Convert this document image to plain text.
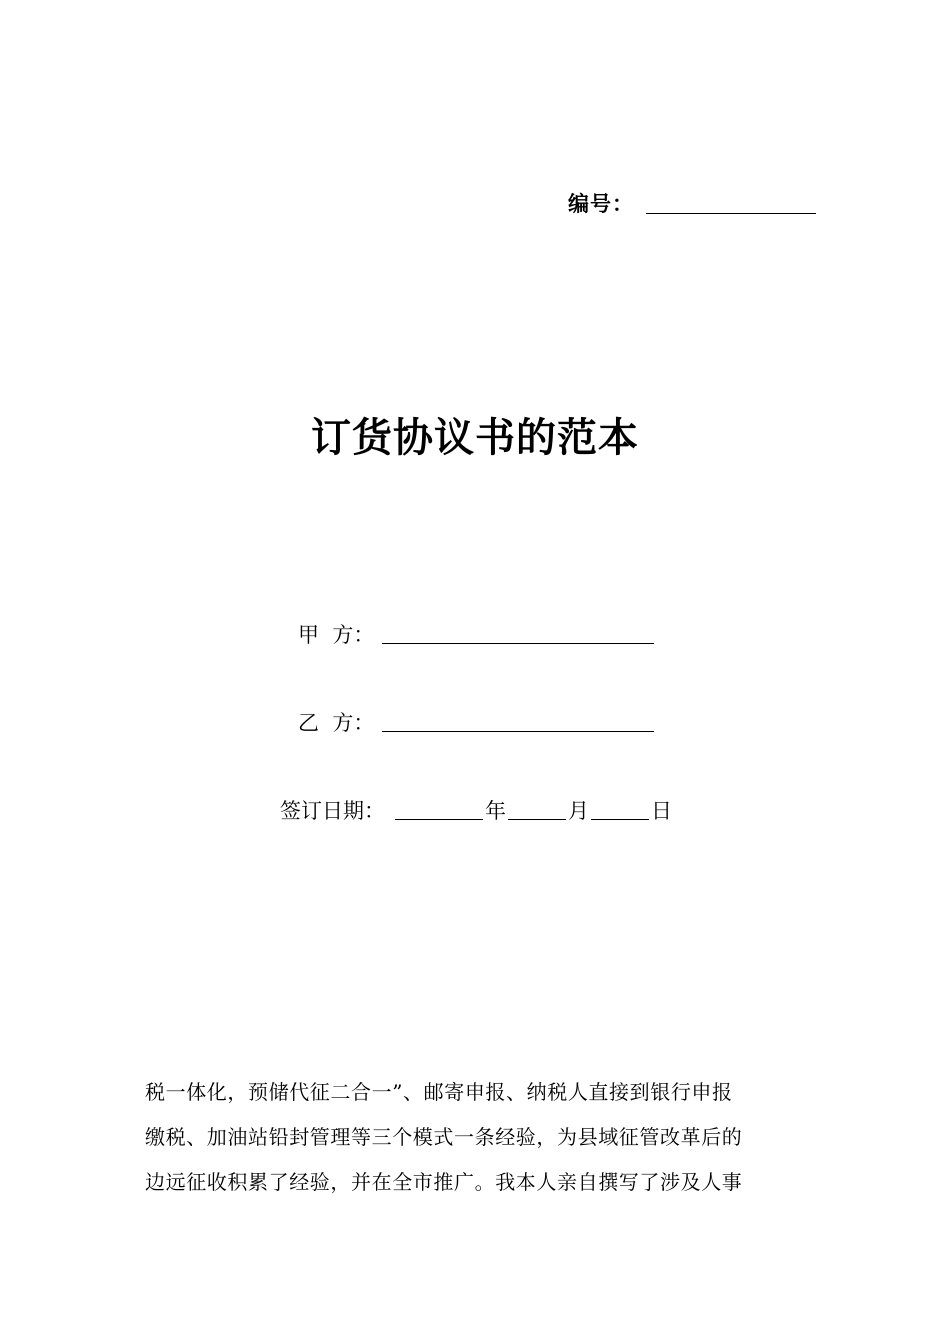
编号：
订货协议书的范本
甲  方：
乙  方：
签订日期：	年	月	日
税一体化，预储代征二合一”、邮寄申报、纳税人直接到银行申报
缴税、加油站铅封管理等三个模式一条经验，为县域征管改革后的
边远征收积累了经验，并在全市推广。我本人亲自撰写了涉及人事
